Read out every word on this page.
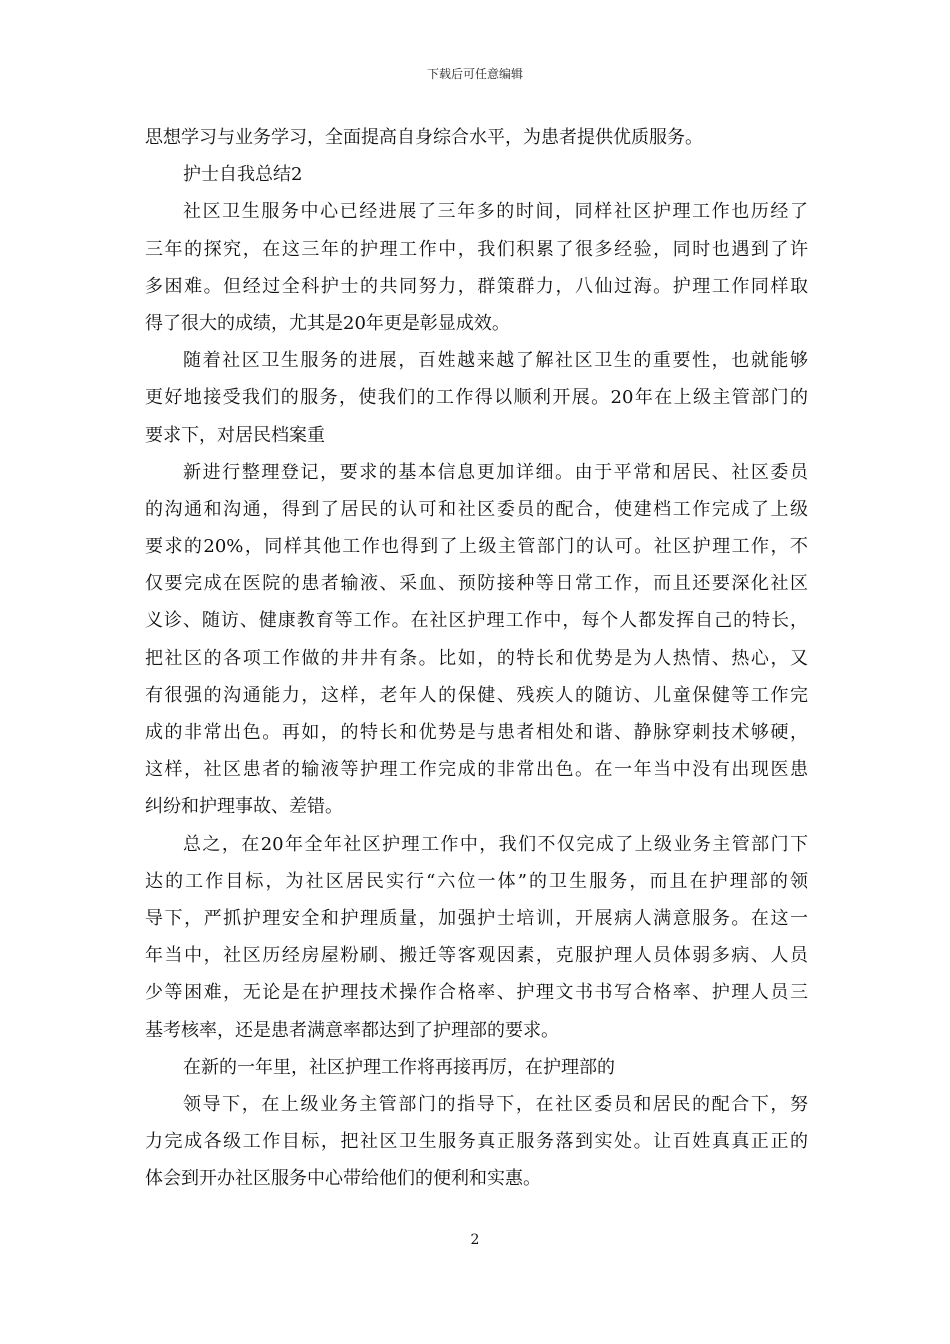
下载后可任意编辑
思想学习与业务学习，全面提高自身综合水平，为患者提供优质服务。
护士自我总结2
社区卫生服务中心已经进展了三年多的时间，同样社区护理工作也历经了
三年的探究，在这三年的护理工作中，我们积累了很多经验，同时也遇到了许
多困难。但经过全科护士的共同努力，群策群力，八仙过海。护理工作同样取
得了很大的成绩，尤其是20年更是彰显成效。
随着社区卫生服务的进展，百姓越来越了解社区卫生的重要性，也就能够
更好地接受我们的服务，使我们的工作得以顺利开展。20年在上级主管部门的
要求下，对居民档案重
新进行整理登记，要求的基本信息更加详细。由于平常和居民、社区委员
的沟通和沟通，得到了居民的认可和社区委员的配合，使建档工作完成了上级
要求的20%，同样其他工作也得到了上级主管部门的认可。社区护理工作，不
仅要完成在医院的患者输液、采血、预防接种等日常工作，而且还要深化社区
义诊、随访、健康教育等工作。在社区护理工作中，每个人都发挥自己的特长，
把社区的各项工作做的井井有条。比如，的特长和优势是为人热情、热心，又
有很强的沟通能力，这样，老年人的保健、残疾人的随访、儿童保健等工作完
成的非常出色。再如，的特长和优势是与患者相处和谐、静脉穿刺技术够硬，
这样，社区患者的输液等护理工作完成的非常出色。在一年当中没有出现医患
纠纷和护理事故、差错。
总之，在20年全年社区护理工作中，我们不仅完成了上级业务主管部门下
达的工作目标，为社区居民实行“六位一体”的卫生服务，而且在护理部的领
导下，严抓护理安全和护理质量，加强护士培训，开展病人满意服务。在这一
年当中，社区历经房屋粉刷、搬迁等客观因素，克服护理人员体弱多病、人员
少等困难，无论是在护理技术操作合格率、护理文书书写合格率、护理人员三
基考核率，还是患者满意率都达到了护理部的要求。
在新的一年里，社区护理工作将再接再厉，在护理部的
领导下，在上级业务主管部门的指导下，在社区委员和居民的配合下，努
力完成各级工作目标，把社区卫生服务真正服务落到实处。让百姓真真正正的
体会到开办社区服务中心带给他们的便利和实惠。
2
